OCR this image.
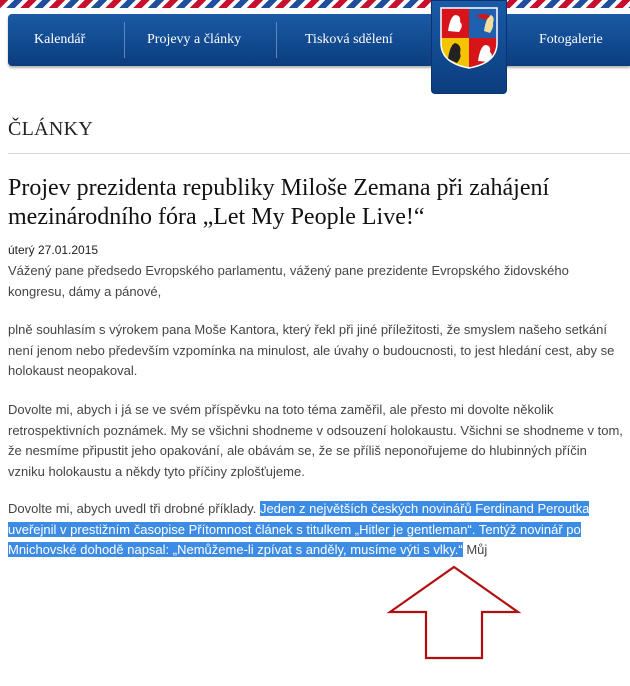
Kalendář	Projevy a články	Tisková sdělení	Fotogalerie
ČLÁNKY
Projev prezidenta republiky Miloše Zemana při zahájení mezinárodního fóra „Let My People Live!“
úterý 27.01.2015
Vážený pane předsedo Evropského parlamentu, vážený pane prezidente Evropského židovského kongresu, dámy a pánové,
plně souhlasím s výrokem pana Moše Kantora, který řekl při jiné příležitosti, že smyslem našeho setkání není jenom nebo především vzpomínka na minulost, ale úvahy o budoucnosti, to jest hledání cest, aby se holokaust neopakoval.
Dovolte mi, abych i já se ve svém příspěvku na toto téma zaměřil, ale přesto mi dovolte několik retrospektivních poznámek. My se všichni shodneme v odsouzení holokaustu. Všichni se shodneme v tom, že nesmíme připustit jeho opakování, ale obávám se, že se příliš neponořujeme do hlubinných příčin vzniku holokaustu a někdy tyto příčiny zplošťujeme.
Dovolte mi, abych uvedl tři drobné příklady. Jeden z největších českých novinářů Ferdinand Peroutka uveřejnil v prestižním časopise Přítomnost článek s titulkem „Hitler je gentleman“. Tentýž novinář po Mnichovské dohodě napsal: „Nemůžeme-li zpívat s anděly, musíme výti s vlky.“ Můj
